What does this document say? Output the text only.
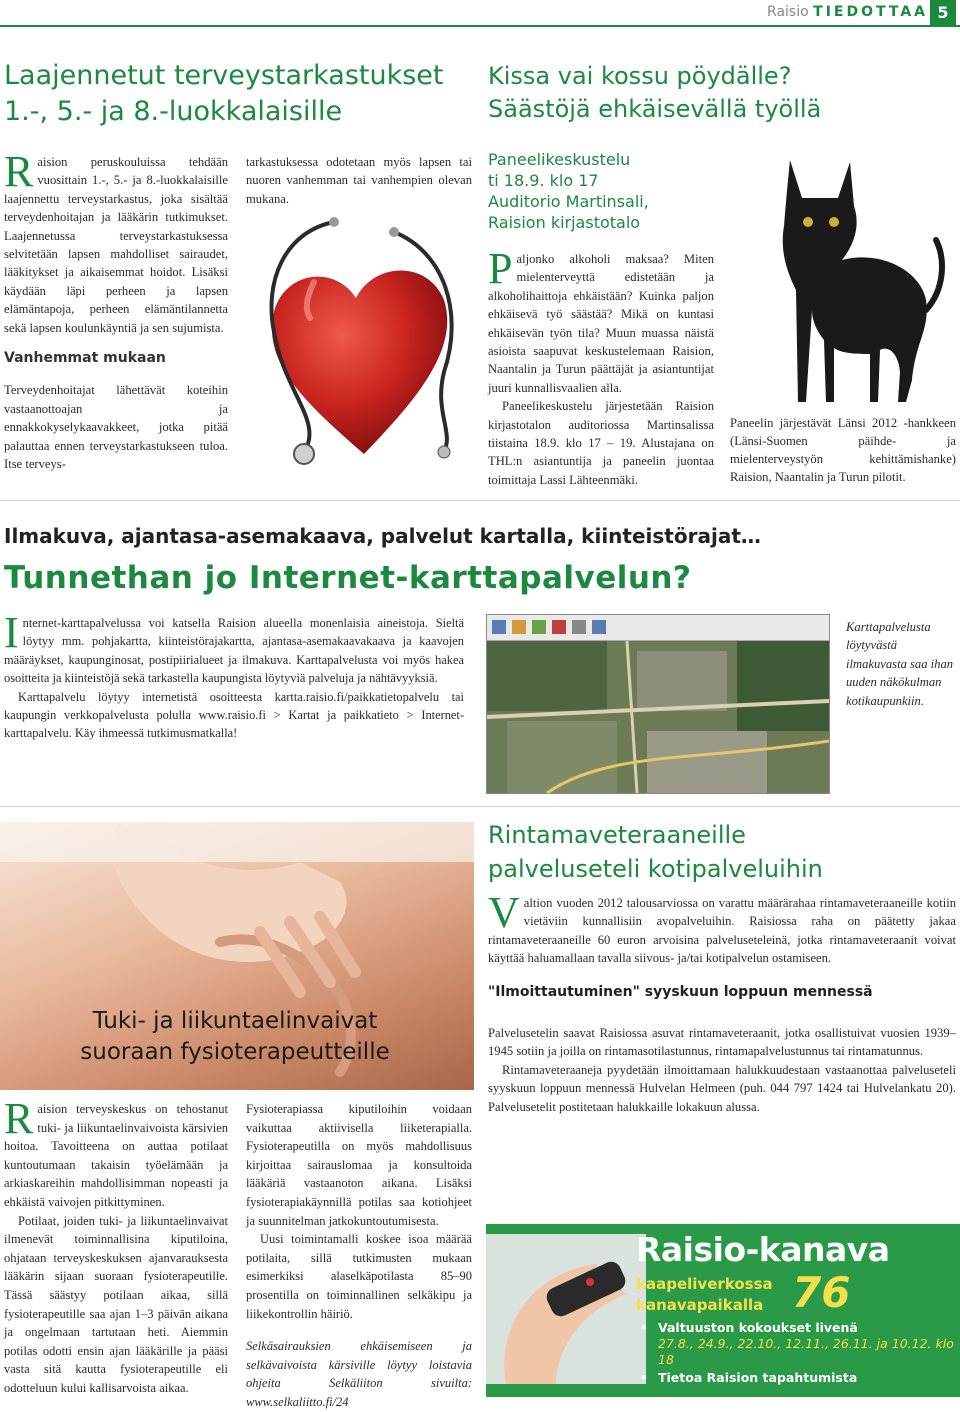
Raisio TIEDOTTAA 5
Laajennetut terveystarkastukset
1.-, 5.- ja 8.-luokkalaisille

Raision peruskouluissa tehdään vuosittain 1.-, 5.- ja 8.-luokkalaisille laajennettu terveystarkastus, joka sisältää terveydenhoitajan ja lääkärin tutkimukset. Laajennetussa terveystarkastuksessa selvitetään lapsen mahdolliset sairaudet, lääkitykset ja aikaisemmat hoidot. Lisäksi käydään läpi perheen ja lapsen elämäntapoja, perheen elämäntilannetta sekä lapsen koulunkäyntiä ja sen sujumista.

Vanhemmat mukaan

Terveydenhoitajat lähettävät koteihin vastaanottoajan ja ennakkokyselykaavakkeet, jotka pitää palauttaa ennen terveystarkastukseen tuloa. Itse terveys-

tarkastuksessa odotetaan myös lapsen tai nuoren vanhemman tai vanhempien olevan mukana.
Kissa vai kossu pöydälle?
Säästöjä ehkäisevällä työllä
Paneelikeskustelu
ti 18.9. klo 17
Auditorio Martinsali,
Raision kirjastotalo

Paljonko alkoholi maksaa? Miten mielenterveyttä edistetään ja alkoholihaittoja ehkäistään? Kuinka paljon ehkäisevä työ säästää? Mikä on kuntasi ehkäisevän työn tila? Muun muassa näistä asioista saapuvat keskustelemaan Raision, Naantalin ja Turun päättäjät ja asiantuntijat juuri kunnallisvaalien alla.

Paneelikeskustelu järjestetään Raision kirjastotalon auditoriossa Martinsalissa tiistaina 18.9. klo 17 – 19. Alustajana on THL:n asiantuntija ja paneelin juontaa toimittaja Lassi Lähteenmäki.

Paneelin järjestävät Länsi 2012 -hankkeen (Länsi-Suomen päihde- ja mielenterveystyön kehittämishanke) Raision, Naantalin ja Turun pilotit.
Ilmakuva, ajantasa-asemakaava, palvelut kartalla, kiinteistörajat…
Tunnethan jo Internet-karttapalvelun?

Internet-karttapalvelussa voi katsella Raision alueella monenlaisia aineistoja. Sieltä löytyy mm. pohjakartta, kiinteistörajakartta, ajantasa-asemakaavakaava ja kaavojen määräykset, kaupunginosat, postipiirialueet ja ilmakuva. Karttapalvelusta voi myös hakea osoitteita ja kiinteistöjä sekä tarkastella kaupungista löytyviä palveluja ja nähtävyyksiä.

Karttapalvelu löytyy internetistä osoitteesta kartta.raisio.fi/paikkatietopalvelu tai kaupungin verkkopalvelusta polulla www.raisio.fi > Kartat ja paikkatieto > Internet-karttapalvelu. Käy ihmeessä tutkimusmatkalla!

Karttapalvelusta löytyvästä ilmakuvasta saa ihan uuden näkökulman kotikaupunkiin.
Tuki- ja liikuntaelinvaivat
suoraan fysioterapeutteille

Raision terveyskeskus on tehostanut tuki- ja liikuntaelinvaivoista kärsivien hoitoa. Tavoitteena on auttaa potilaat kuntoutumaan takaisin työelämään ja arkiaskareihin mahdollisimman nopeasti ja ehkäistä vaivojen pitkittyminen.

Potilaat, joiden tuki- ja liikuntaelinvaivat ilmenevät toiminnallisina kiputiloina, ohjataan terveyskeskuksen ajanvarauksesta lääkärin sijaan suoraan fysioterapeutille. Tässä säästyy potilaan aikaa, sillä fysioterapeutille saa ajan 1–3 päivän aikana ja ongelmaan tartutaan heti. Aiemmin potilas odotti ensin ajan lääkärille ja pääsi vasta sitä kautta fysioterapeutille eli odotteluun kului kallisarvoista aikaa.

Fysioterapiassa kiputiloihin voidaan vaikuttaa aktiivisella liiketerapialla. Fysioterapeutilla on myös mahdollisuus kirjoittaa sairauslomaa ja konsultoida lääkäriä vastaanoton aikana. Lisäksi fysioterapiakäynnillä potilas saa kotiohjeet ja suunnitelman jatkokuntoutumisesta.

Uusi toimintamalli koskee isoa määrää potilaita, sillä tutkimusten mukaan esimerkiksi alaselkäpotilasta 85–90 prosentilla on toiminnallinen selkäkipu ja liikekontrollin häiriö.

Selkäsairauksien ehkäisemiseen ja selkävaivoista kärsiville löytyy loistavia ohjeita Selkäliiton sivuilta: www.selkaliitto.fi/24

Rintamaveteraaneille
palveluseteli kotipalveluihin

Valtion vuoden 2012 talousarviossa on varattu määrärahaa rintamaveteraaneille kotiin vietäviin kunnallisiin avopalveluihin. Raisiossa raha on päätetty jakaa rintamaveteraaneille 60 euron arvoisina palveluseteleinä, jotka rintamaveteraanit voivat käyttää haluamallaan tavalla siivous- ja/tai kotipalvelun ostamiseen.

"Ilmoittautuminen" syyskuun loppuun mennessä

Palvelusetelin saavat Raisiossa asuvat rintamaveteraanit, jotka osallistuivat vuosien 1939–1945 sotiin ja joilla on rintamasotilastunnus, rintamapalvelustunnus tai rintamatunnus.

Rintamaveteraaneja pyydetään ilmoittamaan halukkuudestaan vastaanottaa palveluseteli syyskuun loppuun mennessä Hulvelan Helmeen (puh. 044 797 1424 tai Hulvelankatu 20). Palvelusetelit postitetaan halukkaille lokakuun alussa.

Raisio-kanava
kaapeliverkossa
kanavapaikalla 76
• Valtuuston kokoukset livenä
27.8., 24.9., 22.10., 12.11., 26.11. ja 10.12. klo 18
• Tietoa Raision tapahtumista
